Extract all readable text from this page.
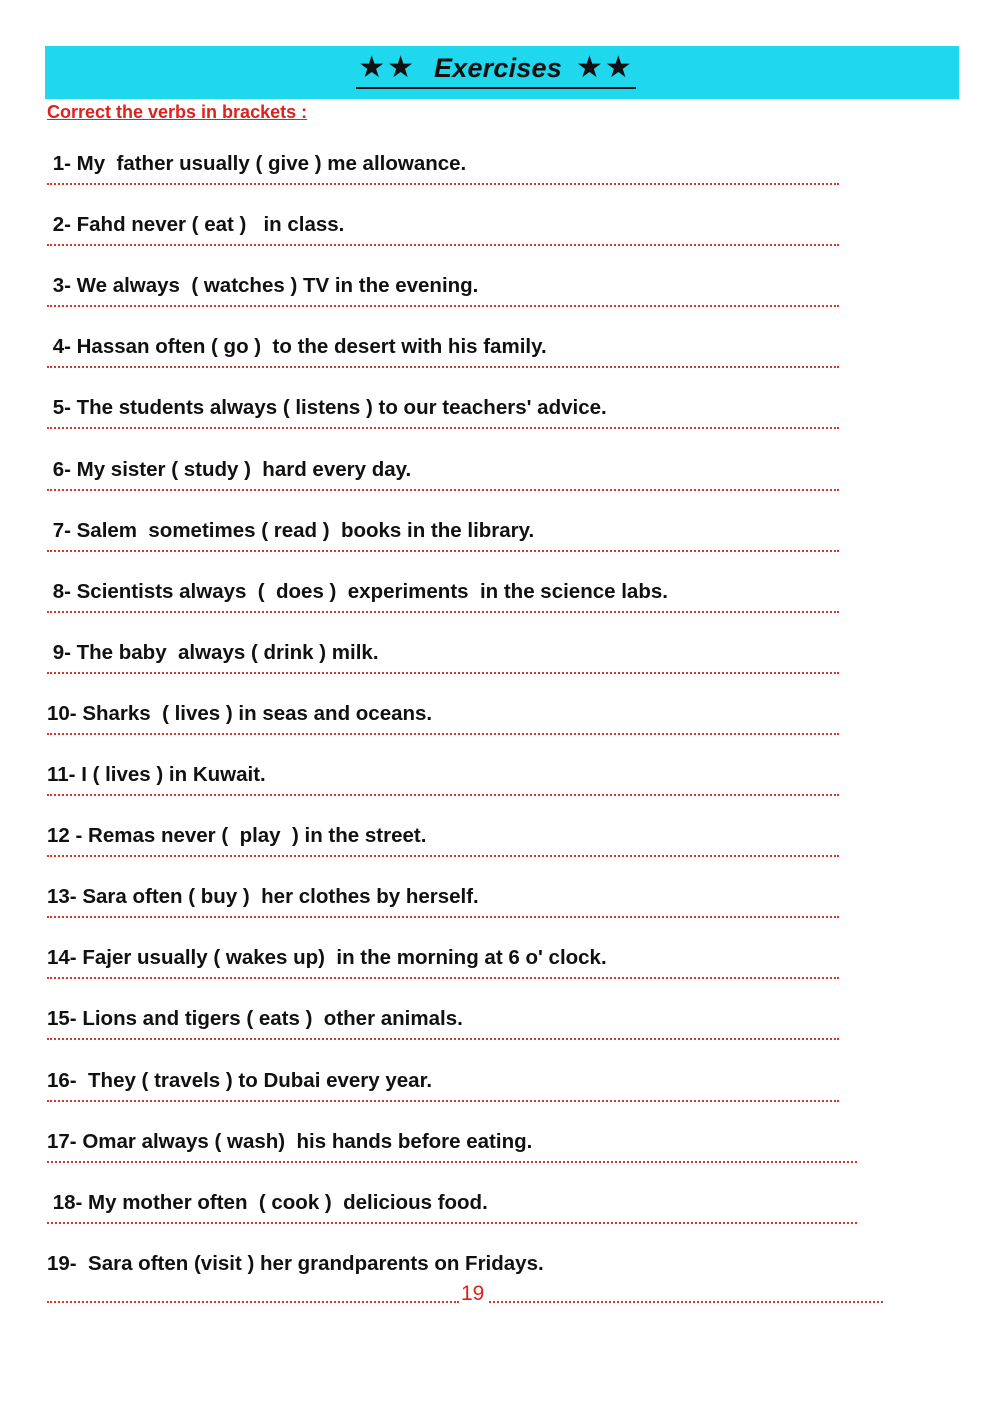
★★ Exercises ★★
Correct the verbs in brackets :
1- My  father usually ( give ) me allowance.
2- Fahd never ( eat )   in class.
3- We always  ( watches ) TV in the evening.
4- Hassan often ( go )  to the desert with his family.
5- The students always ( listens ) to our teachers' advice.
6- My sister ( study )  hard every day.
7- Salem  sometimes ( read )  books in the library.
8- Scientists always  (  does )  experiments  in the science labs.
9- The baby  always ( drink ) milk.
10- Sharks  ( lives ) in seas and oceans.
11- I ( lives ) in Kuwait.
12 - Remas never (  play  ) in the street.
13- Sara often ( buy )  her clothes by herself.
14- Fajer usually ( wakes up)  in the morning at 6 o' clock.
15- Lions and tigers ( eats )  other animals.
16-  They ( travels ) to Dubai every year.
17- Omar always ( wash)  his hands before eating.
18- My mother often  ( cook )  delicious food.
19-  Sara often (visit ) her grandparents on Fridays.
19
